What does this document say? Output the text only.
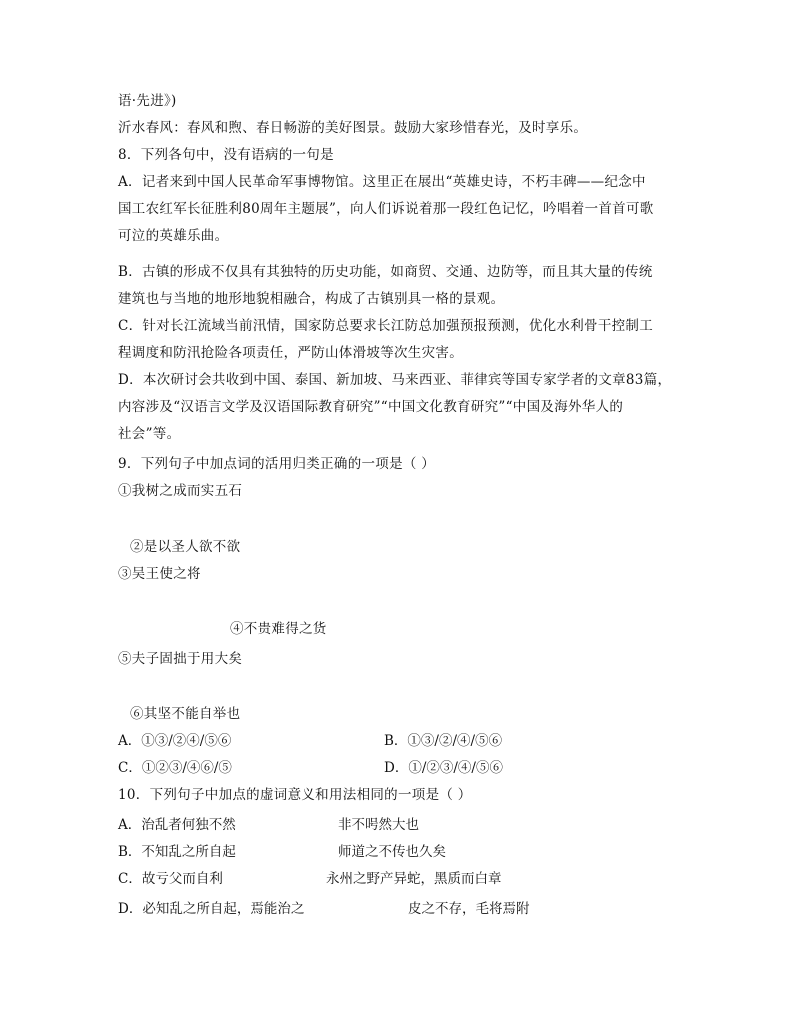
语·先进》)
沂水春风：春风和煦、春日畅游的美好图景。鼓励大家珍惜春光，及时享乐。
8．下列各句中，没有语病的一句是
A．记者来到中国人民革命军事博物馆。这里正在展出“英雄史诗，不朽丰碑——纪念中
国工农红军长征胜利80周年主题展”，向人们诉说着那一段红色记忆，吟唱着一首首可歌
可泣的英雄乐曲。
B．古镇的形成不仅具有其独特的历史功能，如商贸、交通、边防等，而且其大量的传统
建筑也与当地的地形地貌相融合，构成了古镇别具一格的景观。
C．针对长江流域当前汛情，国家防总要求长江防总加强预报预测，优化水利骨干控制工
程调度和防汛抢险各项责任，严防山体滑坡等次生灾害。
D．本次研讨会共收到中国、泰国、新加坡、马来西亚、菲律宾等国专家学者的文章83篇，
内容涉及“汉语言文学及汉语国际教育研究”“中国文化教育研究”“中国及海外华人的
社会”等。
9．下列句子中加点词的活用归类正确的一项是（ ）
①我树之成而实五石
②是以圣人欲不欲
③吴王使之将
④不贵难得之货
⑤夫子固拙于用大矣
⑥其坚不能自举也
A．①③/②④/⑤⑥	B．①③/②/④/⑤⑥
C．①②③/④⑥/⑤	D．①/②③/④/⑤⑥
10．下列句子中加点的虚词意义和用法相同的一项是（ ）
A．治乱者何独不然	非不呺然大也
B．不知乱之所自起	师道之不传也久矣
C．故亏父而自利	永州之野产异蛇，黑质而白章
D．必知乱之所自起，焉能治之	皮之不存，毛将焉附
